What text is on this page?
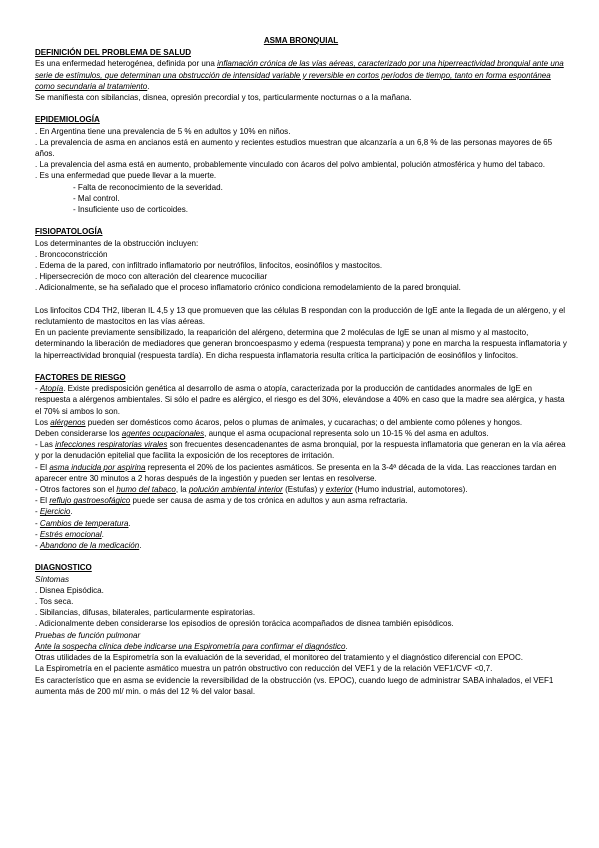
ASMA BRONQUIAL
DEFINICIÓN DEL PROBLEMA DE SALUD

Es una enfermedad heterogénea, definida por una inflamación crónica de las vías aéreas, caracterizado por una hiperreactividad bronquial ante una serie de estímulos, que determinan una obstrucción de intensidad variable y reversible en cortos períodos de tiempo, tanto en forma espontánea como secundaria al tratamiento.

Se manifiesta con sibilancias, disnea, opresión precordial y tos, particularmente nocturnas o a la mañana.

EPIDEMIOLOGÍA

. En Argentina tiene una prevalencia de 5 % en adultos y 10% en niños.

. La prevalencia de asma en ancianos está en aumento y recientes estudios muestran que alcanzaría a un 6,8 % de las personas mayores de 65 años.

. La prevalencia del asma está en aumento, probablemente vinculado con ácaros del polvo ambiental, polución atmosférica y humo del tabaco.

. Es una enfermedad que puede llevar a la muerte.

- Falta de reconocimiento de la severidad.

- Mal control.

- Insuficiente uso de corticoides.

FISIOPATOLOGÍA

Los determinantes de la obstrucción incluyen:

. Broncoconstricción

. Edema de la pared, con infiltrado inflamatorio por neutrófilos, linfocitos, eosinófilos y mastocitos.

. Hipersecreción de moco con alteración del clearence mucociliar

. Adicionalmente, se ha señalado que el proceso inflamatorio crónico condiciona remodelamiento de la pared bronquial.

Los linfocitos CD4 TH2, liberan IL 4,5 y 13 que promueven que las células B respondan con la producción de IgE ante la llegada de un alérgeno, y el reclutamiento de mastocitos en las vías aéreas.

En un paciente previamente sensibilizado, la reaparición del alérgeno, determina que 2 moléculas de IgE se unan al mismo y al mastocito, determinando la liberación de mediadores que generan broncoespasmo y edema (respuesta temprana) y pone en marcha la respuesta inflamatoria y la hiperreactividad bronquial (respuesta tardía). En dicha respuesta inflamatoria resulta crítica la participación de eosinófilos y linfocitos.

FACTORES DE RIESGO

- Atopía. Existe predisposición genética al desarrollo de asma o atopía, caracterizada por la producción de cantidades anormales de IgE en respuesta a alérgenos ambientales. Si sólo el padre es alérgico, el riesgo es del 30%, elevándose a 40% en caso que la madre sea alérgica, y hasta el 70% si ambos lo son.

Los alérgenos pueden ser domésticos como ácaros, pelos o plumas de animales, y cucarachas; o del ambiente como pólenes y hongos.

Deben considerarse los agentes ocupacionales, aunque el asma ocupacional representa solo un 10-15 % del asma en adultos.

- Las infecciones respiratorias virales son frecuentes desencadenantes de asma bronquial, por la respuesta inflamatoria que generan en la vía aérea y por la denudación epitelial que facilita la exposición de los receptores de irritación.

- El asma inducida por aspirina representa el 20% de los pacientes asmáticos. Se presenta en la 3-4ª década de la vida. Las reacciones tardan en aparecer entre 30 minutos a 2 horas después de la ingestión y pueden ser lentas en resolverse.

- Otros factores son el humo del tabaco, la polución ambiental interior (Estufas) y exterior (Humo industrial, automotores).

- El reflujo gastroesofágico puede ser causa de asma y de tos crónica en adultos y aun asma refractaria.

- Ejercicio.

- Cambios de temperatura.

- Estrés emocional.

- Abandono de la medicación.

DIAGNOSTICO

Síntomas

. Disnea Episódica.

. Tos seca.

. Sibilancias, difusas, bilaterales, particularmente espiratorias.

. Adicionalmente deben considerarse los episodios de opresión torácica acompañados de disnea también episódicos.

Pruebas de función pulmonar

Ante la sospecha clínica debe indicarse una Espirometría para confirmar el diagnóstico.

Otras utilidades de la Espirometría son la evaluación de la severidad, el monitoreo del tratamiento y el diagnóstico diferencial con EPOC.

La Espirometría en el paciente asmático muestra un patrón obstructivo con reducción del VEF1 y de la relación VEF1/CVF <0,7.

Es característico que en asma se evidencie la reversibilidad de la obstrucción (vs. EPOC), cuando luego de administrar SABA inhalados, el VEF1 aumenta más de 200 ml/ min. o más del 12 % del valor basal.
